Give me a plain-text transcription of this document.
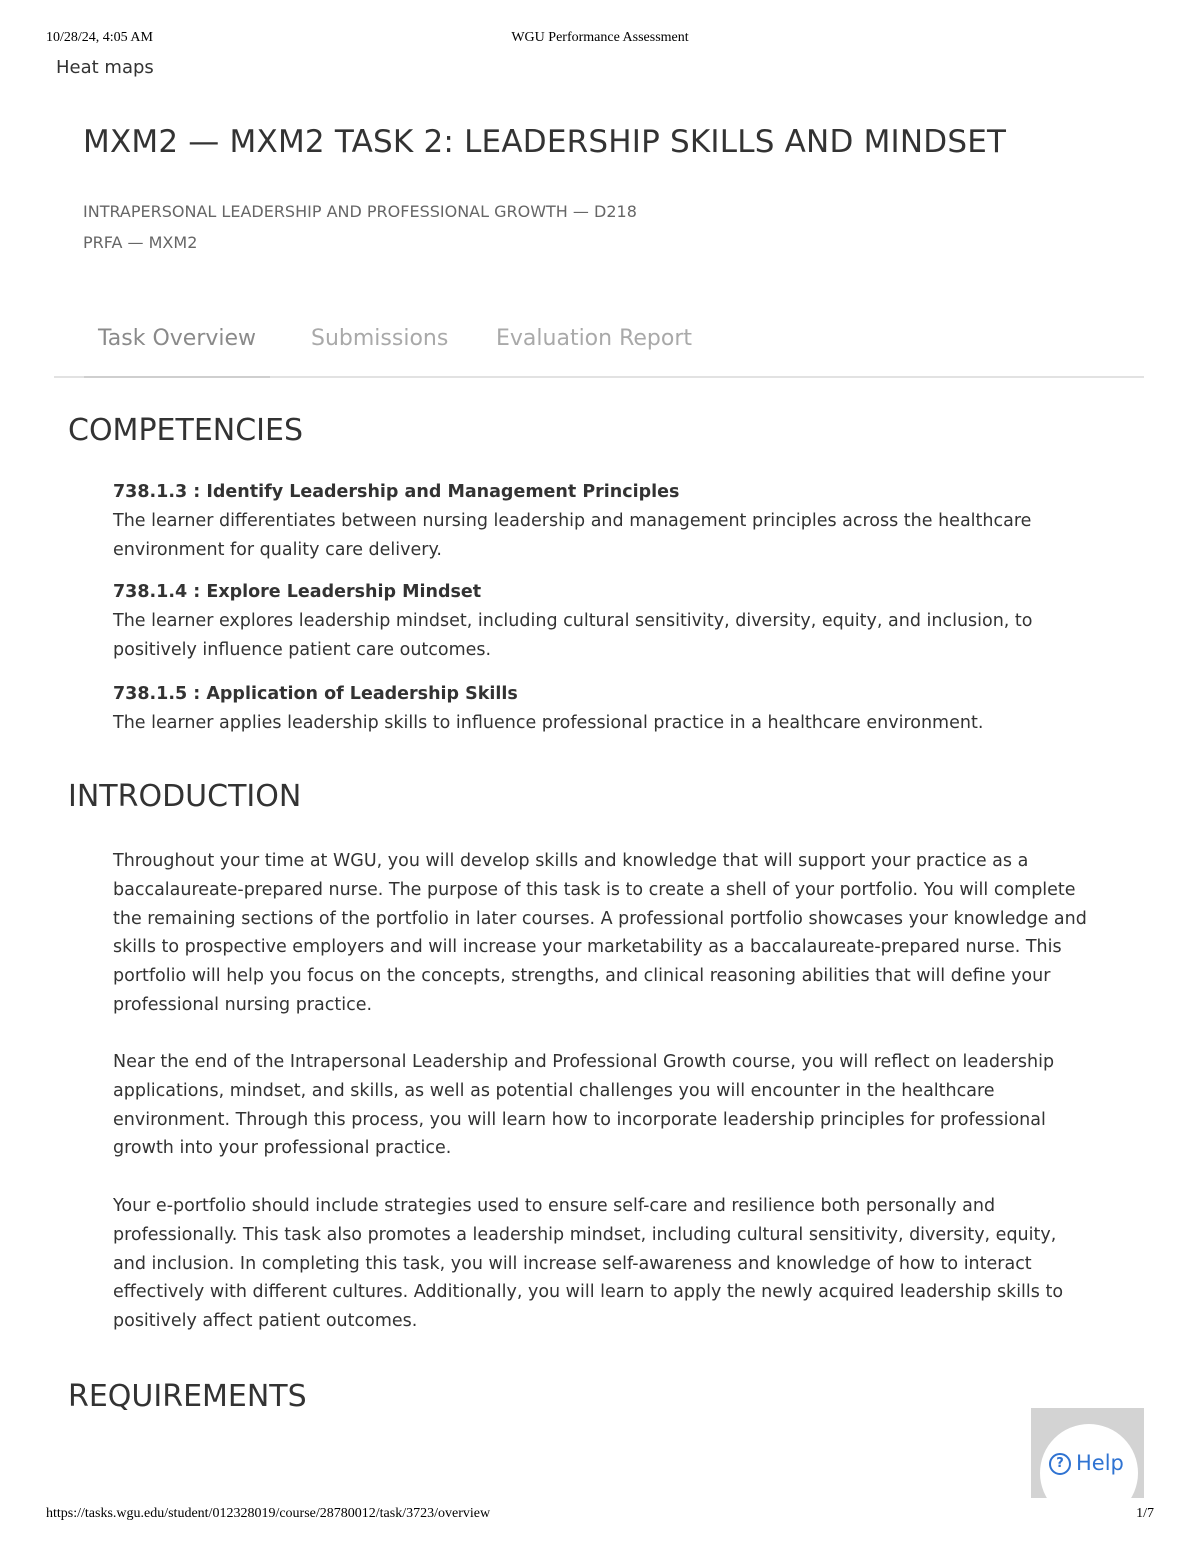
10/28/24, 4:05 AM	WGU Performance Assessment
Heat maps
MXM2 — MXM2 TASK 2: LEADERSHIP SKILLS AND MINDSET
INTRAPERSONAL LEADERSHIP AND PROFESSIONAL GROWTH — D218
PRFA — MXM2
Task Overview Submissions Evaluation Report
COMPETENCIES
738.1.3 : Identify Leadership and Management Principles
The learner differentiates between nursing leadership and management principles across the healthcare environment for quality care delivery.
738.1.4 : Explore Leadership Mindset
The learner explores leadership mindset, including cultural sensitivity, diversity, equity, and inclusion, to positively influence patient care outcomes.
738.1.5 : Application of Leadership Skills
The learner applies leadership skills to influence professional practice in a healthcare environment.
INTRODUCTION

Throughout your time at WGU, you will develop skills and knowledge that will support your practice as a baccalaureate-prepared nurse. The purpose of this task is to create a shell of your portfolio. You will complete the remaining sections of the portfolio in later courses. A professional portfolio showcases your knowledge and skills to prospective employers and will increase your marketability as a baccalaureate-prepared nurse. This portfolio will help you focus on the concepts, strengths, and clinical reasoning abilities that will define your professional nursing practice.

Near the end of the Intrapersonal Leadership and Professional Growth course, you will reflect on leadership applications, mindset, and skills, as well as potential challenges you will encounter in the healthcare environment. Through this process, you will learn how to incorporate leadership principles for professional growth into your professional practice.

Your e-portfolio should include strategies used to ensure self-care and resilience both personally and professionally. This task also promotes a leadership mindset, including cultural sensitivity, diversity, equity, and inclusion. In completing this task, you will increase self-awareness and knowledge of how to interact effectively with different cultures. Additionally, you will learn to apply the newly acquired leadership skills to positively affect patient outcomes.

REQUIREMENTS
? Help
https://tasks.wgu.edu/student/012328019/course/28780012/task/3723/overview	1/7
